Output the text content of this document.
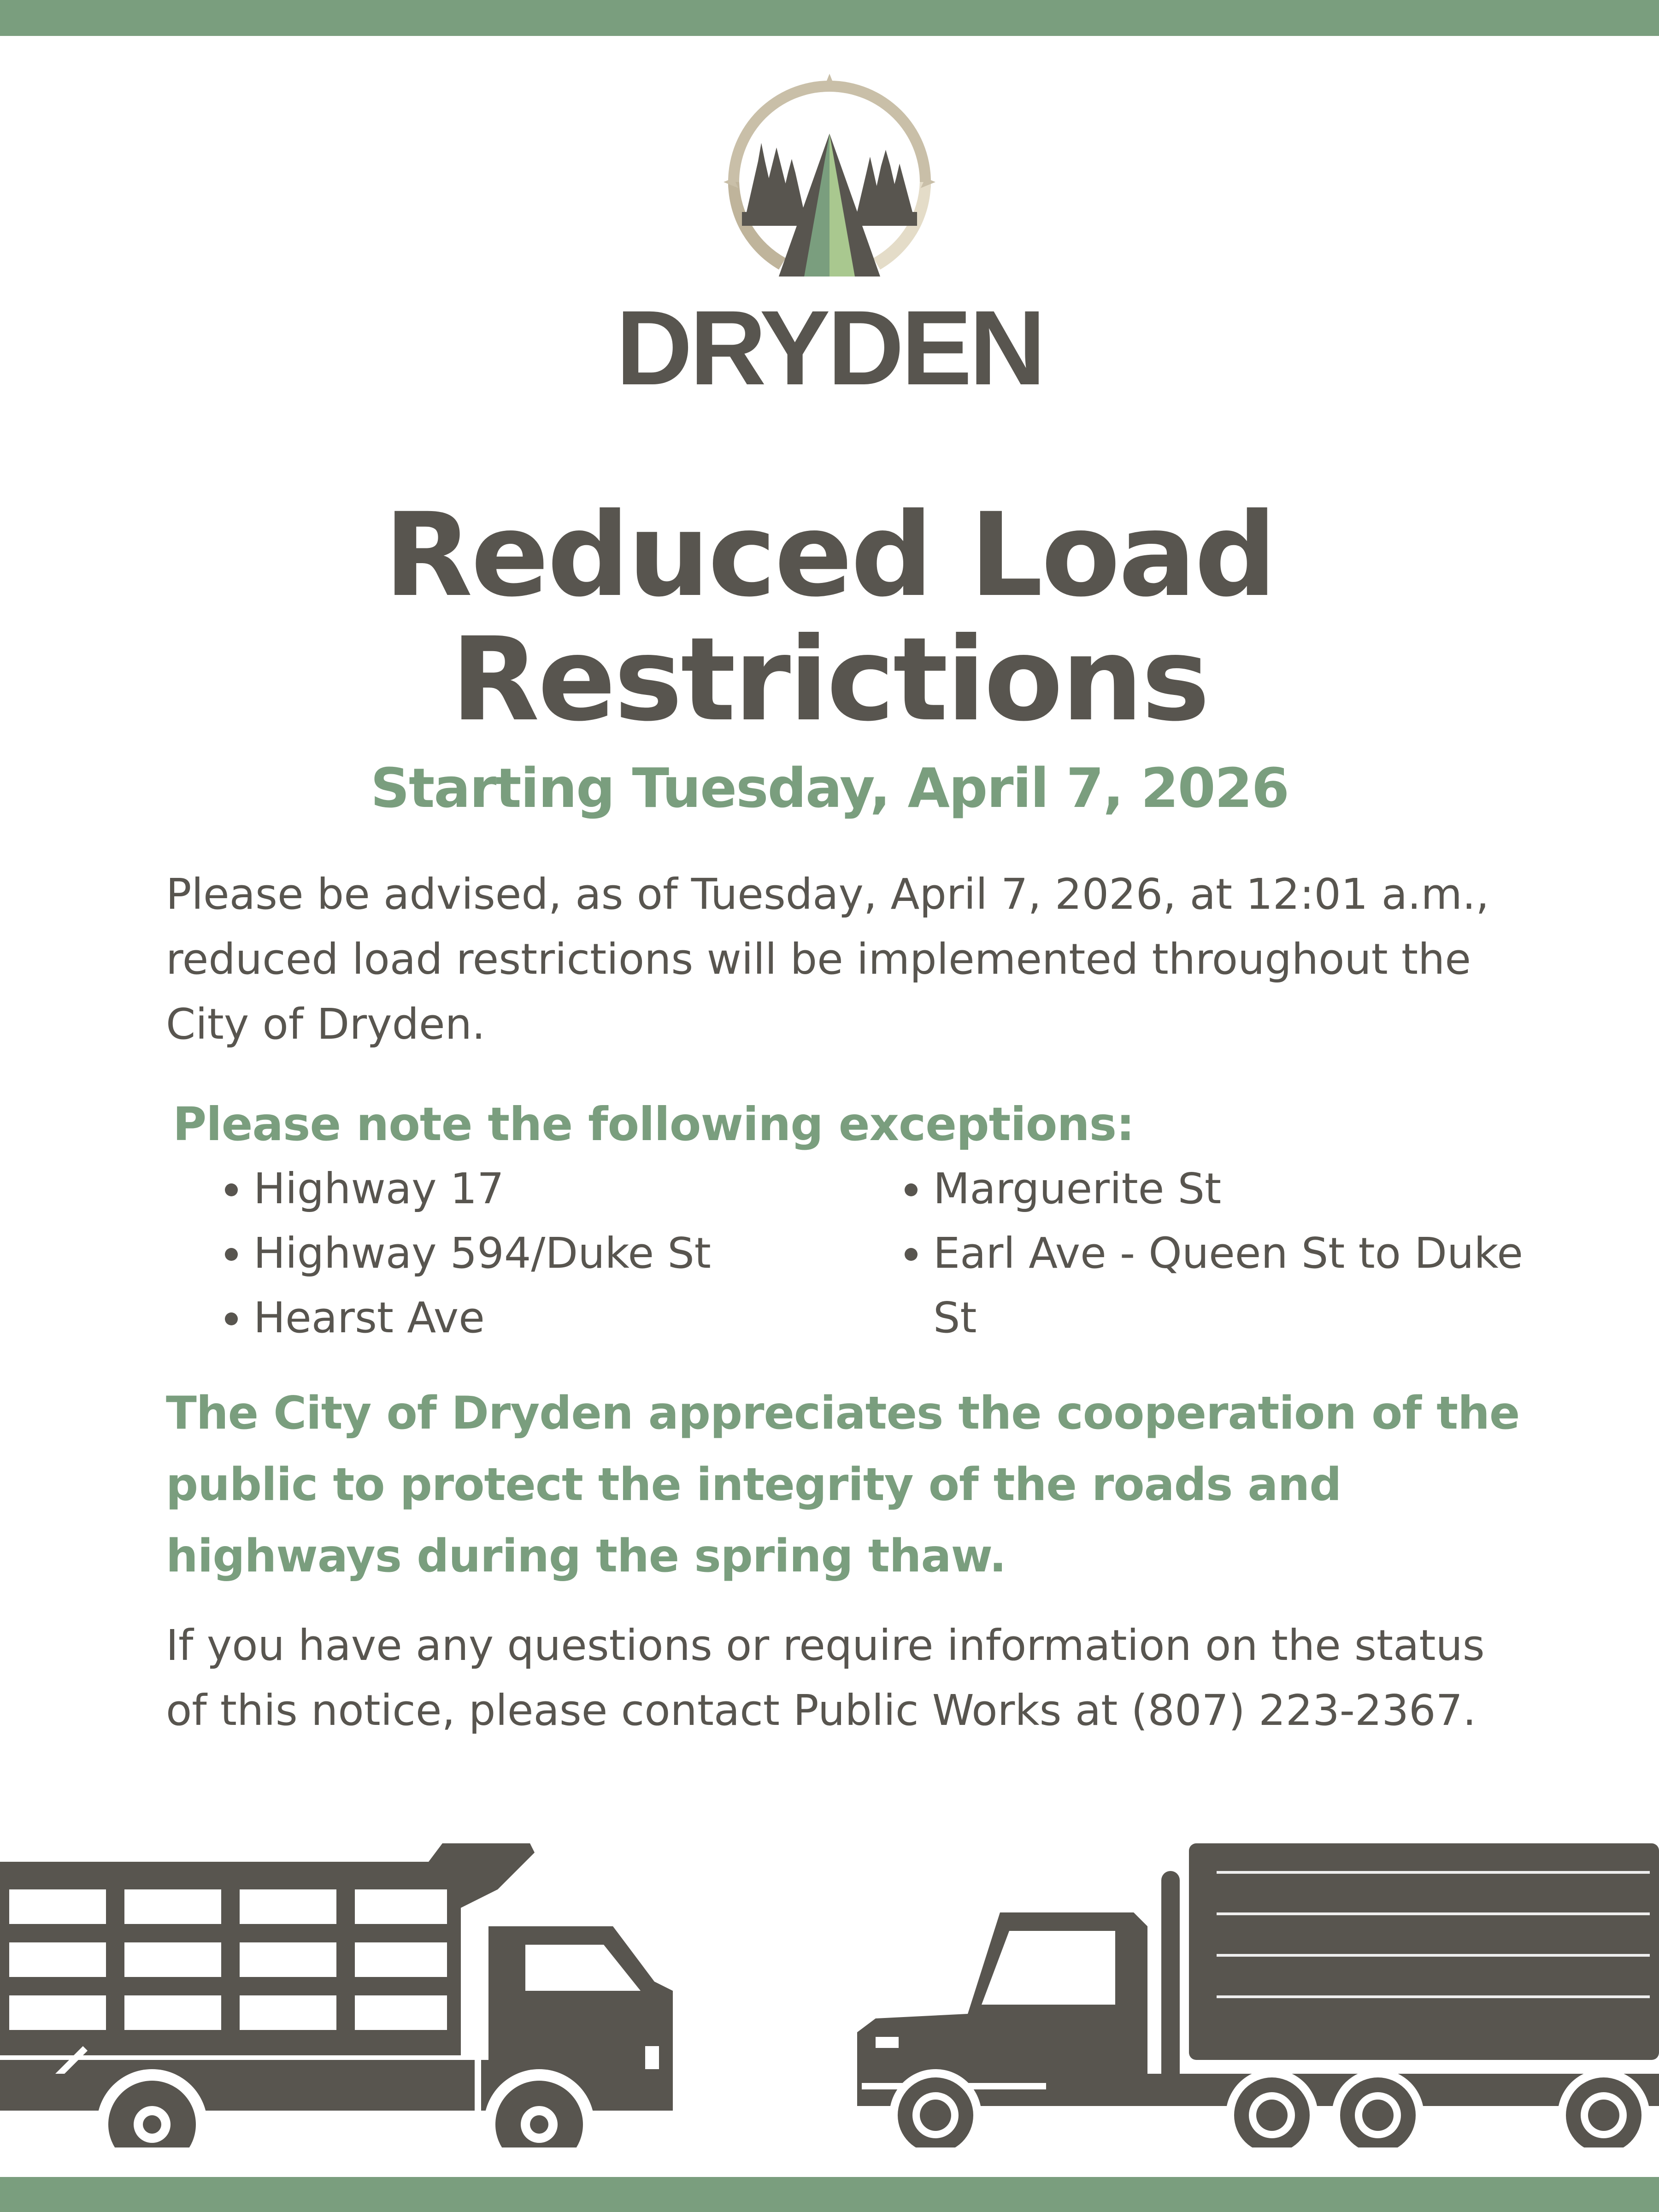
DRYDEN
Reduced Load
Restrictions
Starting Tuesday, April 7, 2026

Please be advised, as of Tuesday, April 7, 2026, at 12:01 a.m., reduced load restrictions will be implemented throughout the City of Dryden.

Please note the following exceptions:
Highway 17
Highway 594/Duke St
Hearst Ave
Marguerite St
Earl Ave - Queen St to Duke St

The City of Dryden appreciates the cooperation of the public to protect the integrity of the roads and highways during the spring thaw.

If you have any questions or require information on the status of this notice, please contact Public Works at (807) 223-2367.
